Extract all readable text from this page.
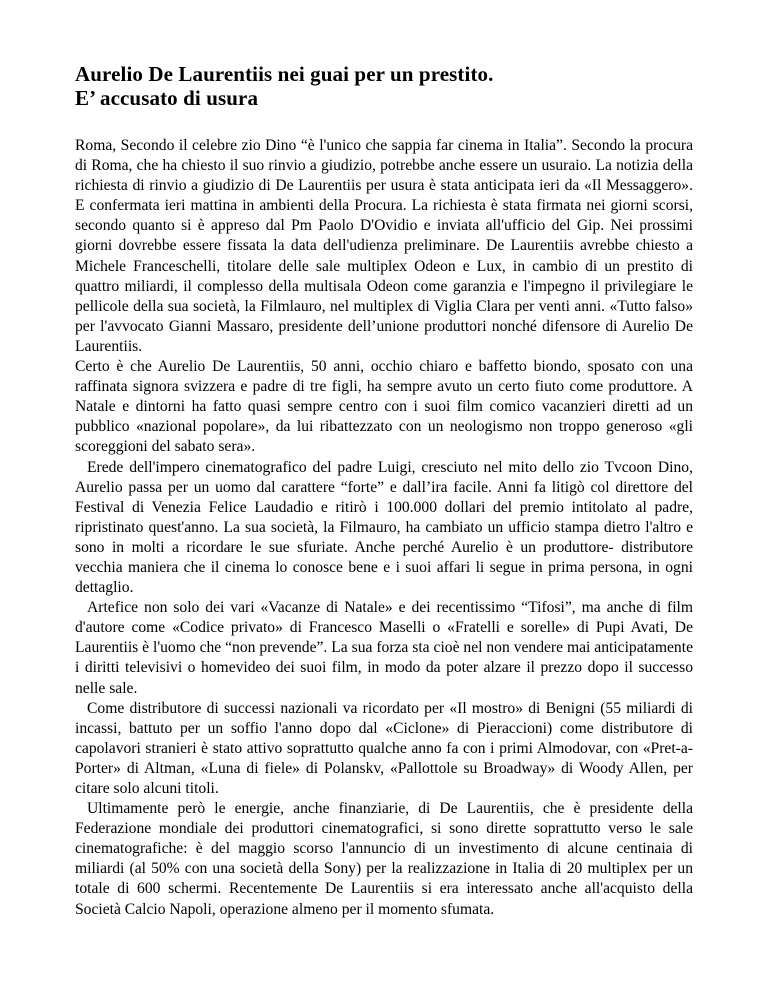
Aurelio De Laurentiis nei guai per un prestito.
E’ accusato di usura

Roma, Secondo il celebre zio Dino “è l'unico che sappia far cinema in Italia”. Secondo la procura di Roma, che ha chiesto il suo rinvio a giudizio, potrebbe anche essere un usuraio. La notizia della richiesta di rinvio a giudizio di De Laurentiis per usura è stata anticipata ieri da «Il Messaggero». E confermata ieri mattina in ambienti della Procura. La richiesta è stata firmata nei giorni scorsi, secondo quanto si è appreso dal Pm Paolo D'Ovidio e inviata all'ufficio del Gip. Nei prossimi giorni dovrebbe essere fissata la data dell'udienza preliminare. De Laurentiis avrebbe chiesto a Michele Franceschelli, titolare delle sale multiplex Odeon e Lux, in cambio di un prestito di quattro miliardi, il complesso della multisala Odeon come garanzia e l'impegno il privilegiare le pellicole della sua società, la Filmlauro, nel multiplex di Viglia Clara per venti anni. «Tutto falso» per l'avvocato Gianni Massaro, presidente dell’unione produttori nonché difensore di Aurelio De Laurentiis.

Certo è che Aurelio De Laurentiis, 50 anni, occhio chiaro e baffetto biondo, sposato con una raffinata signora svizzera e padre di tre figli, ha sempre avuto un certo fiuto come produttore. A Natale e dintorni ha fatto quasi sempre centro con i suoi film comico vacanzieri diretti ad un pubblico «nazional popolare», da lui ribattezzato con un neologismo non troppo generoso «gli scoreggioni del sabato sera».

Erede dell'impero cinematografico del padre Luigi, cresciuto nel mito dello zio Tvcoon Dino, Aurelio passa per un uomo dal carattere “forte” e dall’ira facile. Anni fa litigò col direttore del Festival di Venezia Felice Laudadio e ritirò i 100.000 dollari del premio intitolato al padre, ripristinato quest'anno. La sua società, la Filmauro, ha cambiato un ufficio stampa dietro l'altro e sono in molti a ricordare le sue sfuriate. Anche perché Aurelio è un produttore- distributore vecchia maniera che il cinema lo conosce bene e i suoi affari li segue in prima persona, in ogni dettaglio.

Artefice non solo dei vari «Vacanze di Natale» e dei recentissimo “Tifosi”, ma anche di film d'autore come «Codice privato» di Francesco Maselli o «Fratelli e sorelle» di Pupi Avati, De Laurentiis è l'uomo che “non prevende”. La sua forza sta cioè nel non vendere mai anticipatamente i diritti televisivi o homevideo dei suoi film, in modo da poter alzare il prezzo dopo il successo nelle sale.

Come distributore di successi nazionali va ricordato per «Il mostro» di Benigni (55 miliardi di incassi, battuto per un soffio l'anno dopo dal «Ciclone» di Pieraccioni) come distributore di capolavori stranieri è stato attivo soprattutto qualche anno fa con i primi Almodovar, con «Pret-a-Porter» di Altman, «Luna di fiele» di Polanskv, «Pallottole su Broadway» di Woody Allen, per citare solo alcuni titoli.

Ultimamente però le energie, anche finanziarie, di De Laurentiis, che è presidente della Federazione mondiale dei produttori cinematografici, si sono dirette soprattutto verso le sale cinematografiche: è del maggio scorso l'annuncio di un investimento di alcune centinaia di miliardi (al 50% con una società della Sony) per la realizzazione in Italia di 20 multiplex per un totale di 600 schermi. Recentemente De Laurentiis si era interessato anche all'acquisto della Società Calcio Napoli, operazione almeno per il momento sfumata.
